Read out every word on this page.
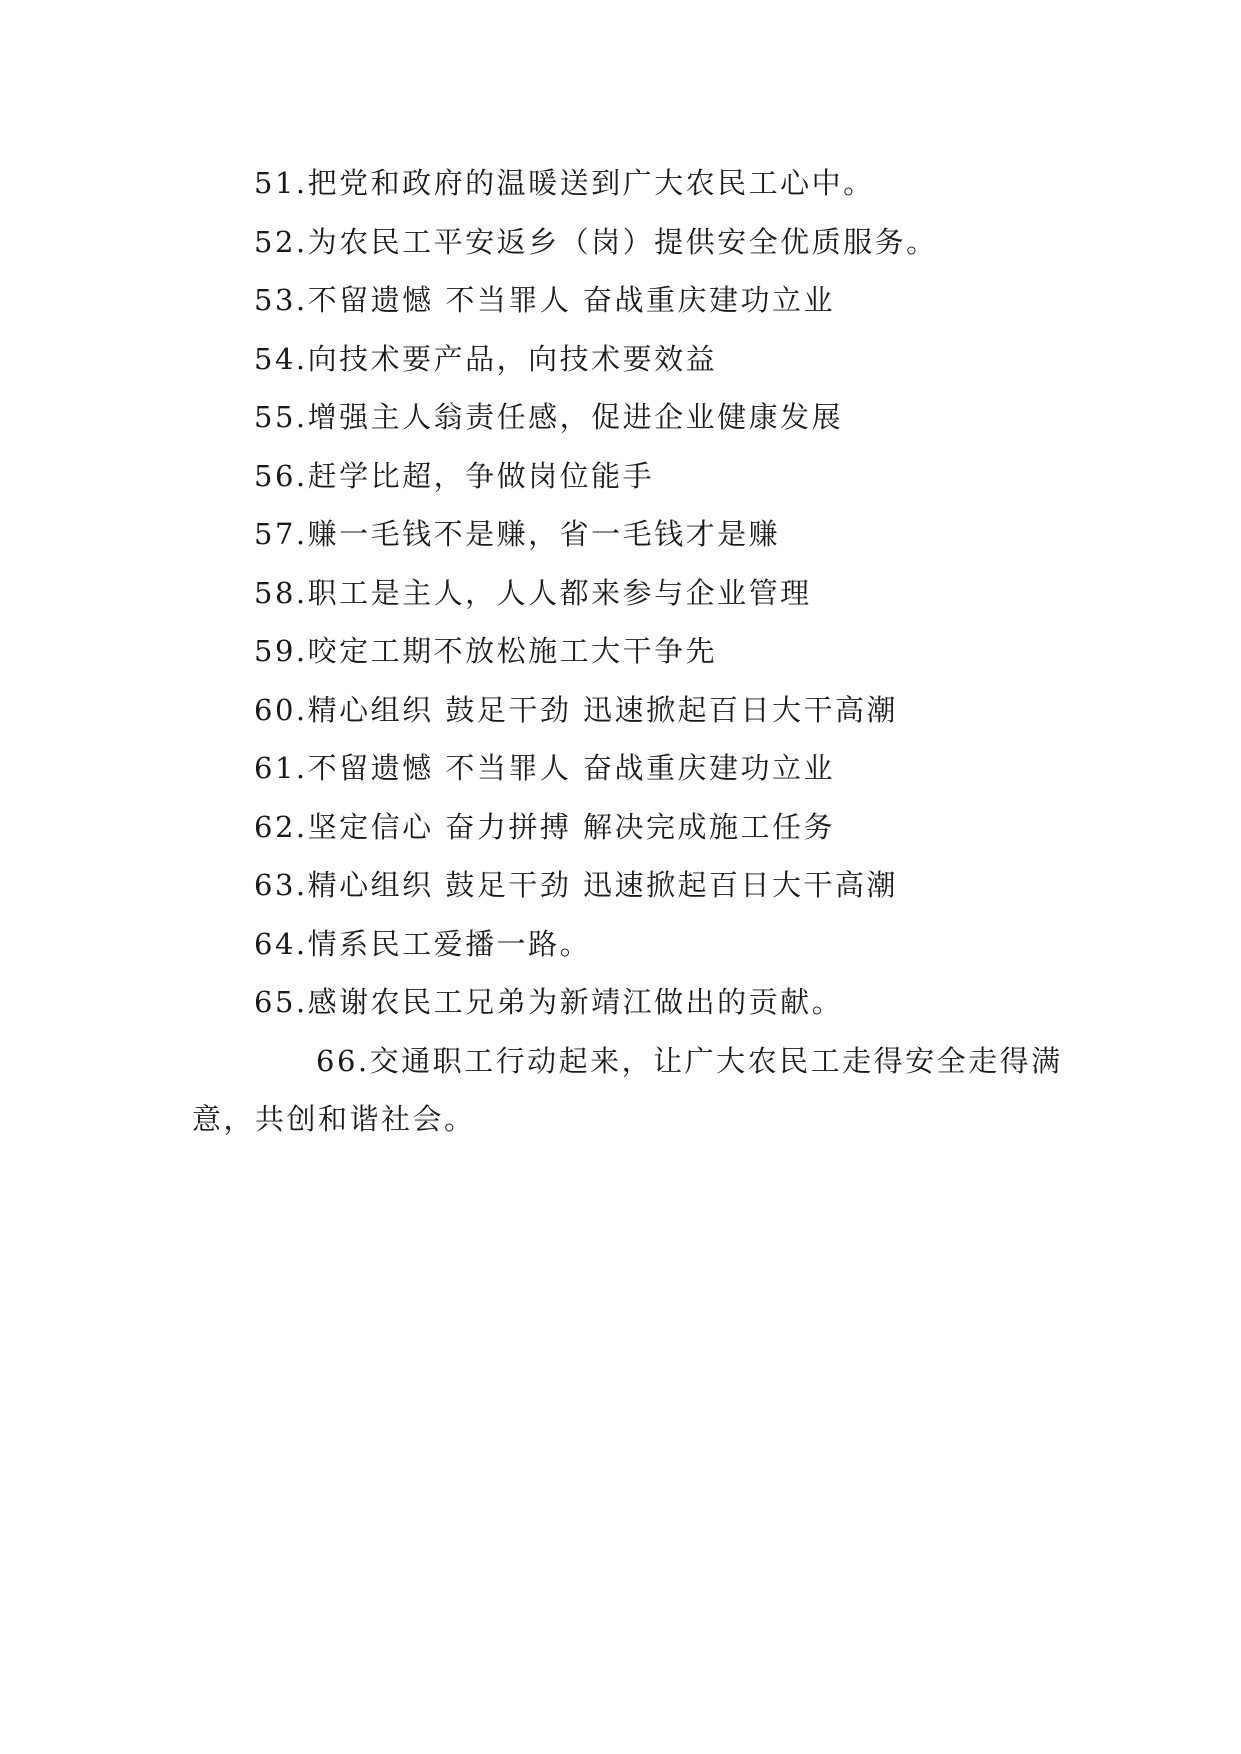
51.把党和政府的温暖送到广大农民工心中。
52.为农民工平安返乡（岗）提供安全优质服务。
53.不留遗憾 不当罪人 奋战重庆建功立业
54.向技术要产品，向技术要效益
55.增强主人翁责任感，促进企业健康发展
56.赶学比超，争做岗位能手
57.赚一毛钱不是赚，省一毛钱才是赚
58.职工是主人，人人都来参与企业管理
59.咬定工期不放松施工大干争先
60.精心组织 鼓足干劲 迅速掀起百日大干高潮
61.不留遗憾 不当罪人 奋战重庆建功立业
62.坚定信心 奋力拼搏 解决完成施工任务
63.精心组织 鼓足干劲 迅速掀起百日大干高潮
64.情系民工爱播一路。
65.感谢农民工兄弟为新靖江做出的贡献。
66.交通职工行动起来，让广大农民工走得安全走得满意，共创和谐社会。
